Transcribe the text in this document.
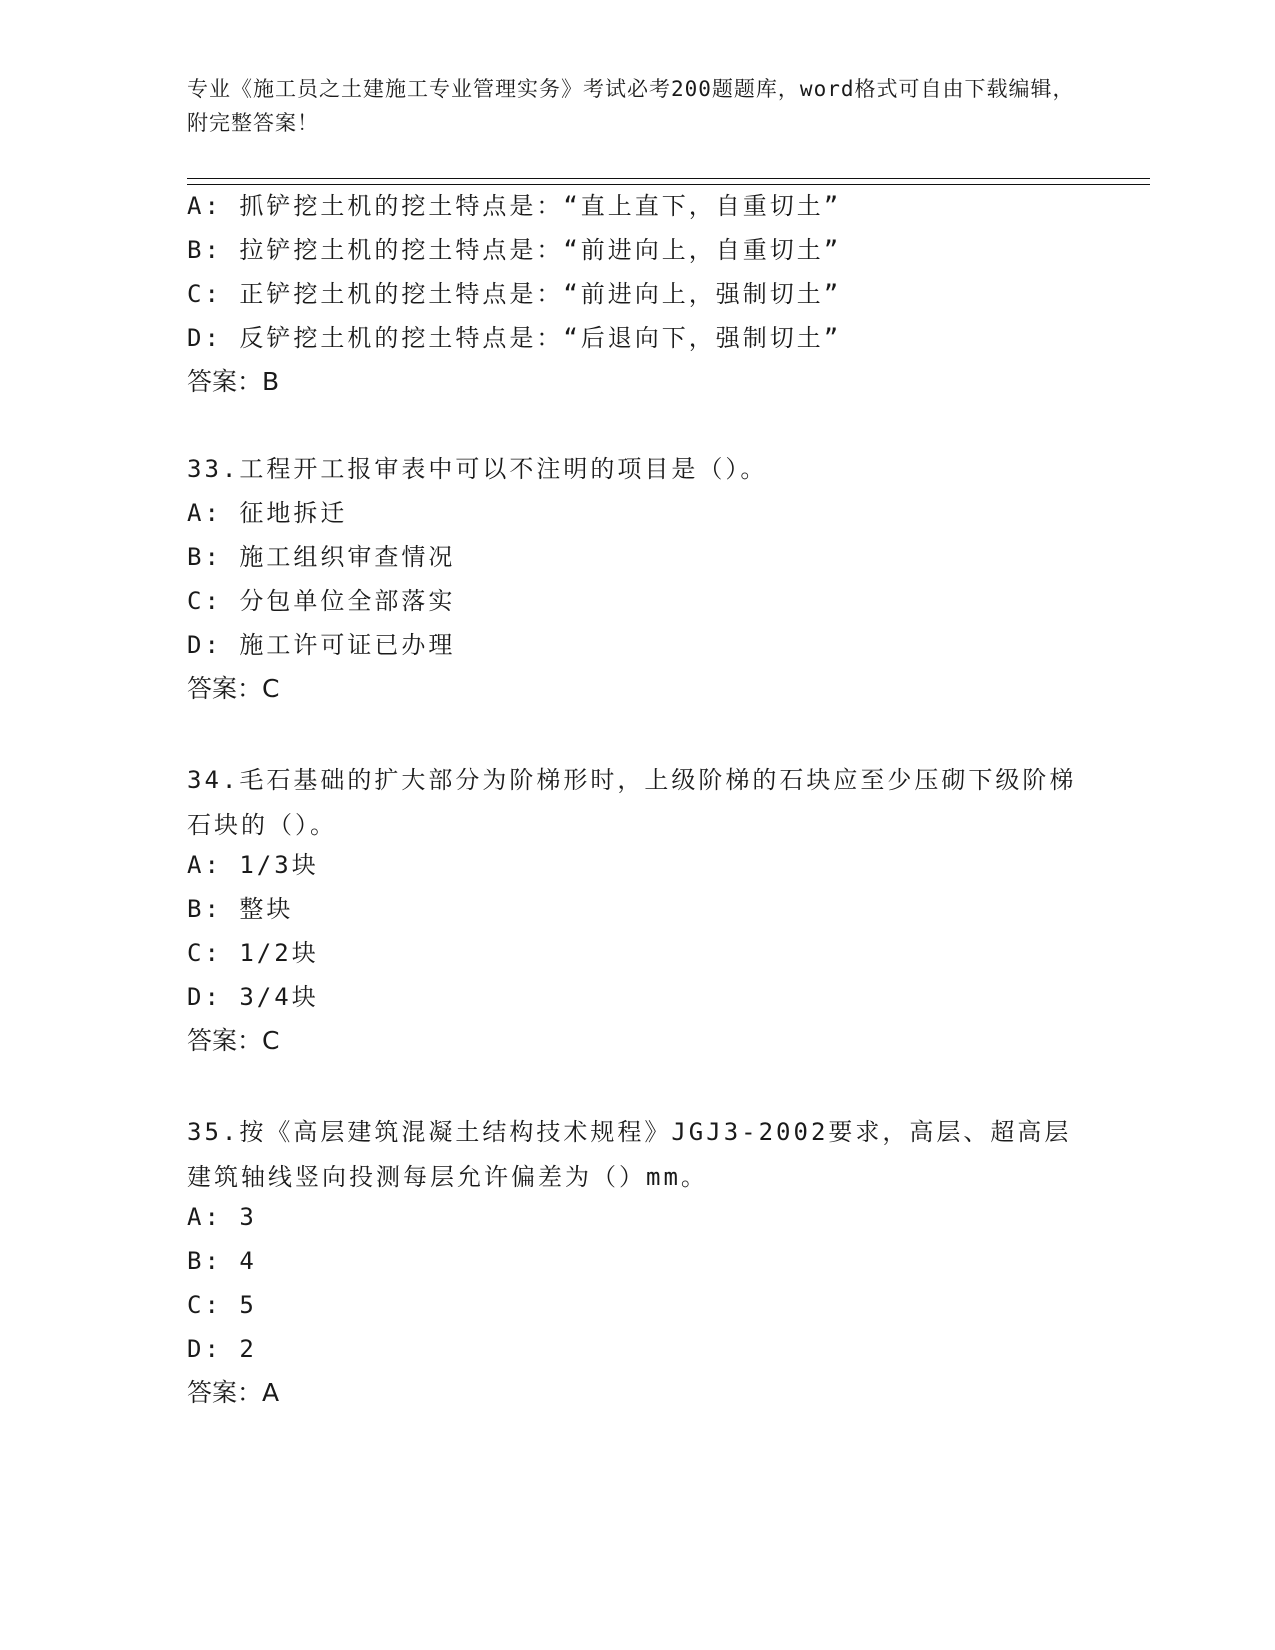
专业《施工员之土建施工专业管理实务》考试必考200题题库，word格式可自由下载编辑，附完整答案！
A: 抓铲挖土机的挖土特点是：“直上直下，自重切土”
B: 拉铲挖土机的挖土特点是：“前进向上，自重切土”
C: 正铲挖土机的挖土特点是：“前进向上，强制切土”
D: 反铲挖土机的挖土特点是：“后退向下，强制切土”
答案：B
33.工程开工报审表中可以不注明的项目是（）。
A: 征地拆迁
B: 施工组织审查情况
C: 分包单位全部落实
D: 施工许可证已办理
答案：C
34.毛石基础的扩大部分为阶梯形时，上级阶梯的石块应至少压砌下级阶梯石块的（）。
A: 1/3块
B: 整块
C: 1/2块
D: 3/4块
答案：C
35.按《高层建筑混凝土结构技术规程》JGJ3-2002要求，高层、超高层建筑轴线竖向投测每层允许偏差为（）mm。
A: 3
B: 4
C: 5
D: 2
答案：A
